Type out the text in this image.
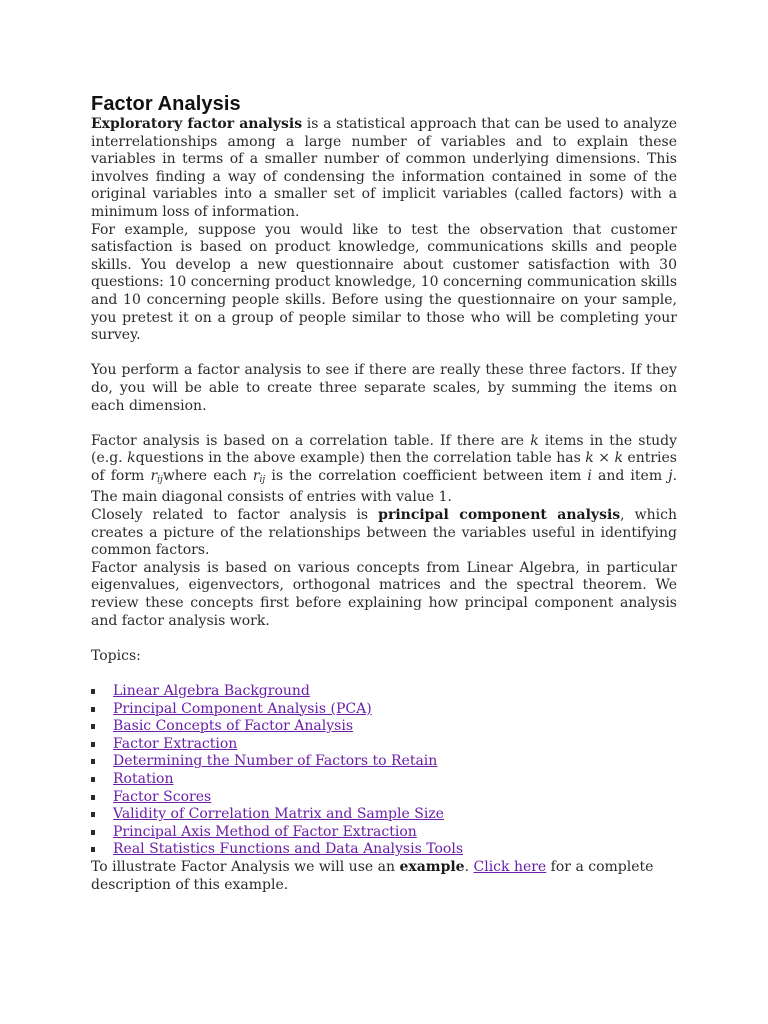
Factor Analysis

Exploratory factor analysis is a statistical approach that can be used to analyze interrelationships among a large number of variables and to explain these variables in terms of a smaller number of common underlying dimensions. This involves finding a way of condensing the information contained in some of the original variables into a smaller set of implicit variables (called factors) with a minimum loss of information.

For example, suppose you would like to test the observation that customer satisfaction is based on product knowledge, communications skills and people skills. You develop a new questionnaire about customer satisfaction with 30 questions: 10 concerning product knowledge, 10 concerning communication skills and 10 concerning people skills. Before using the questionnaire on your sample, you pretest it on a group of people similar to those who will be completing your survey.

You perform a factor analysis to see if there are really these three factors. If they do, you will be able to create three separate scales, by summing the items on each dimension.

Factor analysis is based on a correlation table. If there are k items in the study (e.g. kquestions in the above example) then the correlation table has k × k entries of form $r_{ij}where$ each $r_{ij}$ is the correlation coefficient between item i and item j. The main diagonal consists of entries with value 1.

Closely related to factor analysis is principal component analysis, which creates a picture of the relationships between the variables useful in identifying common factors.

Factor analysis is based on various concepts from Linear Algebra, in particular eigenvalues, eigenvectors, orthogonal matrices and the spectral theorem. We review these concepts first before explaining how principal component analysis and factor analysis work.

Topics:

Linear Algebra Background
Principal Component Analysis (PCA)
Basic Concepts of Factor Analysis
Factor Extraction
Determining the Number of Factors to Retain
Rotation
Factor Scores
Validity of Correlation Matrix and Sample Size
Principal Axis Method of Factor Extraction
Real Statistics Functions and Data Analysis Tools

To illustrate Factor Analysis we will use an example. Click here for a complete description of this example.
